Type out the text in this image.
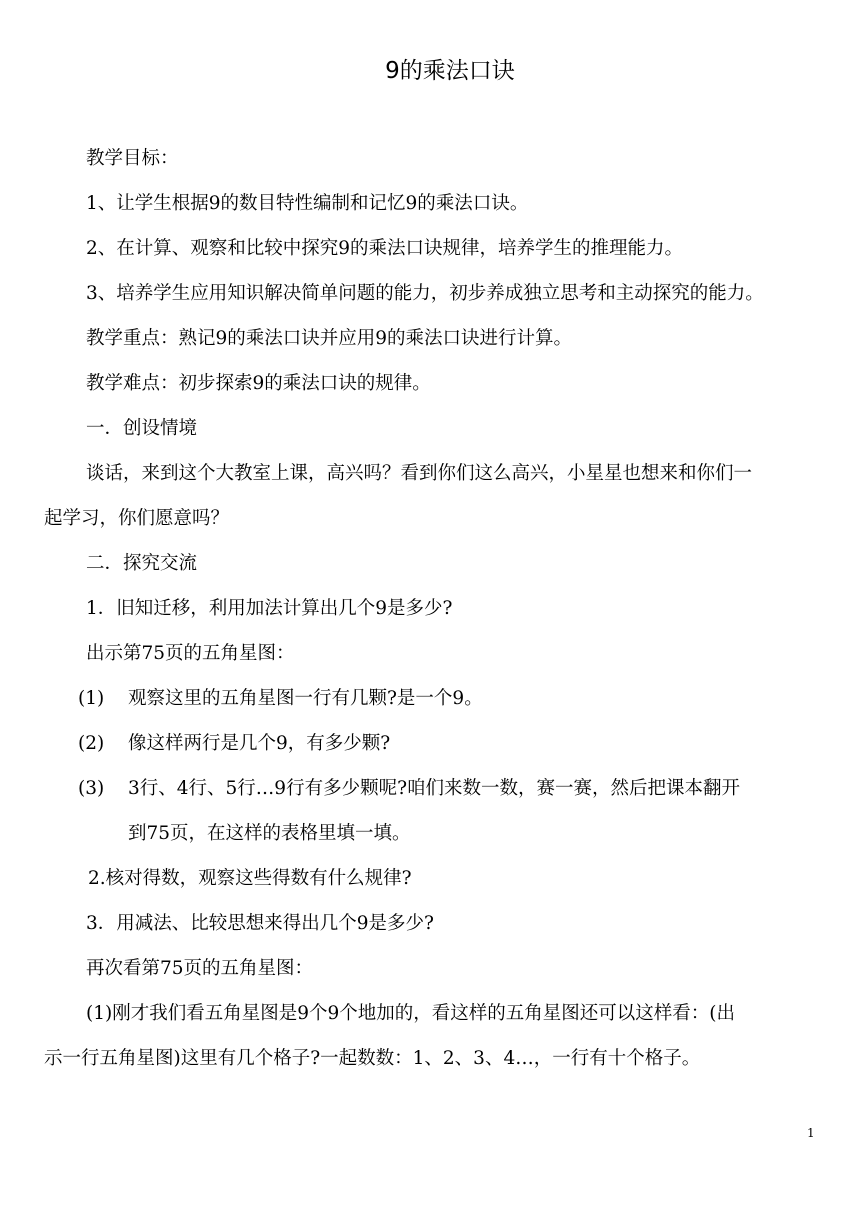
9的乘法口诀
教学目标：
1、让学生根据9的数目特性编制和记忆9的乘法口诀。
2、在计算、观察和比较中探究9的乘法口诀规律，培养学生的推理能力。
3、培养学生应用知识解决简单问题的能力，初步养成独立思考和主动探究的能力。
教学重点：熟记9的乘法口诀并应用9的乘法口诀进行计算。
教学难点：初步探索9的乘法口诀的规律。
一．创设情境
谈话，来到这个大教室上课，高兴吗？看到你们这么高兴，小星星也想来和你们一
起学习，你们愿意吗？
二．探究交流
1．旧知迁移，利用加法计算出几个9是多少?
出示第75页的五角星图：
(1) 观察这里的五角星图一行有几颗?是一个9。
(2) 像这样两行是几个9，有多少颗?
(3) 3行、4行、5行…9行有多少颗呢?咱们来数一数，赛一赛，然后把课本翻开
到75页，在这样的表格里填一填。
2.核对得数，观察这些得数有什么规律?
3．用减法、比较思想来得出几个9是多少?
再次看第75页的五角星图：
(1)刚才我们看五角星图是9个9个地加的，看这样的五角星图还可以这样看：(出
示一行五角星图)这里有几个格子?一起数数：1、2、3、4…，一行有十个格子。
1
